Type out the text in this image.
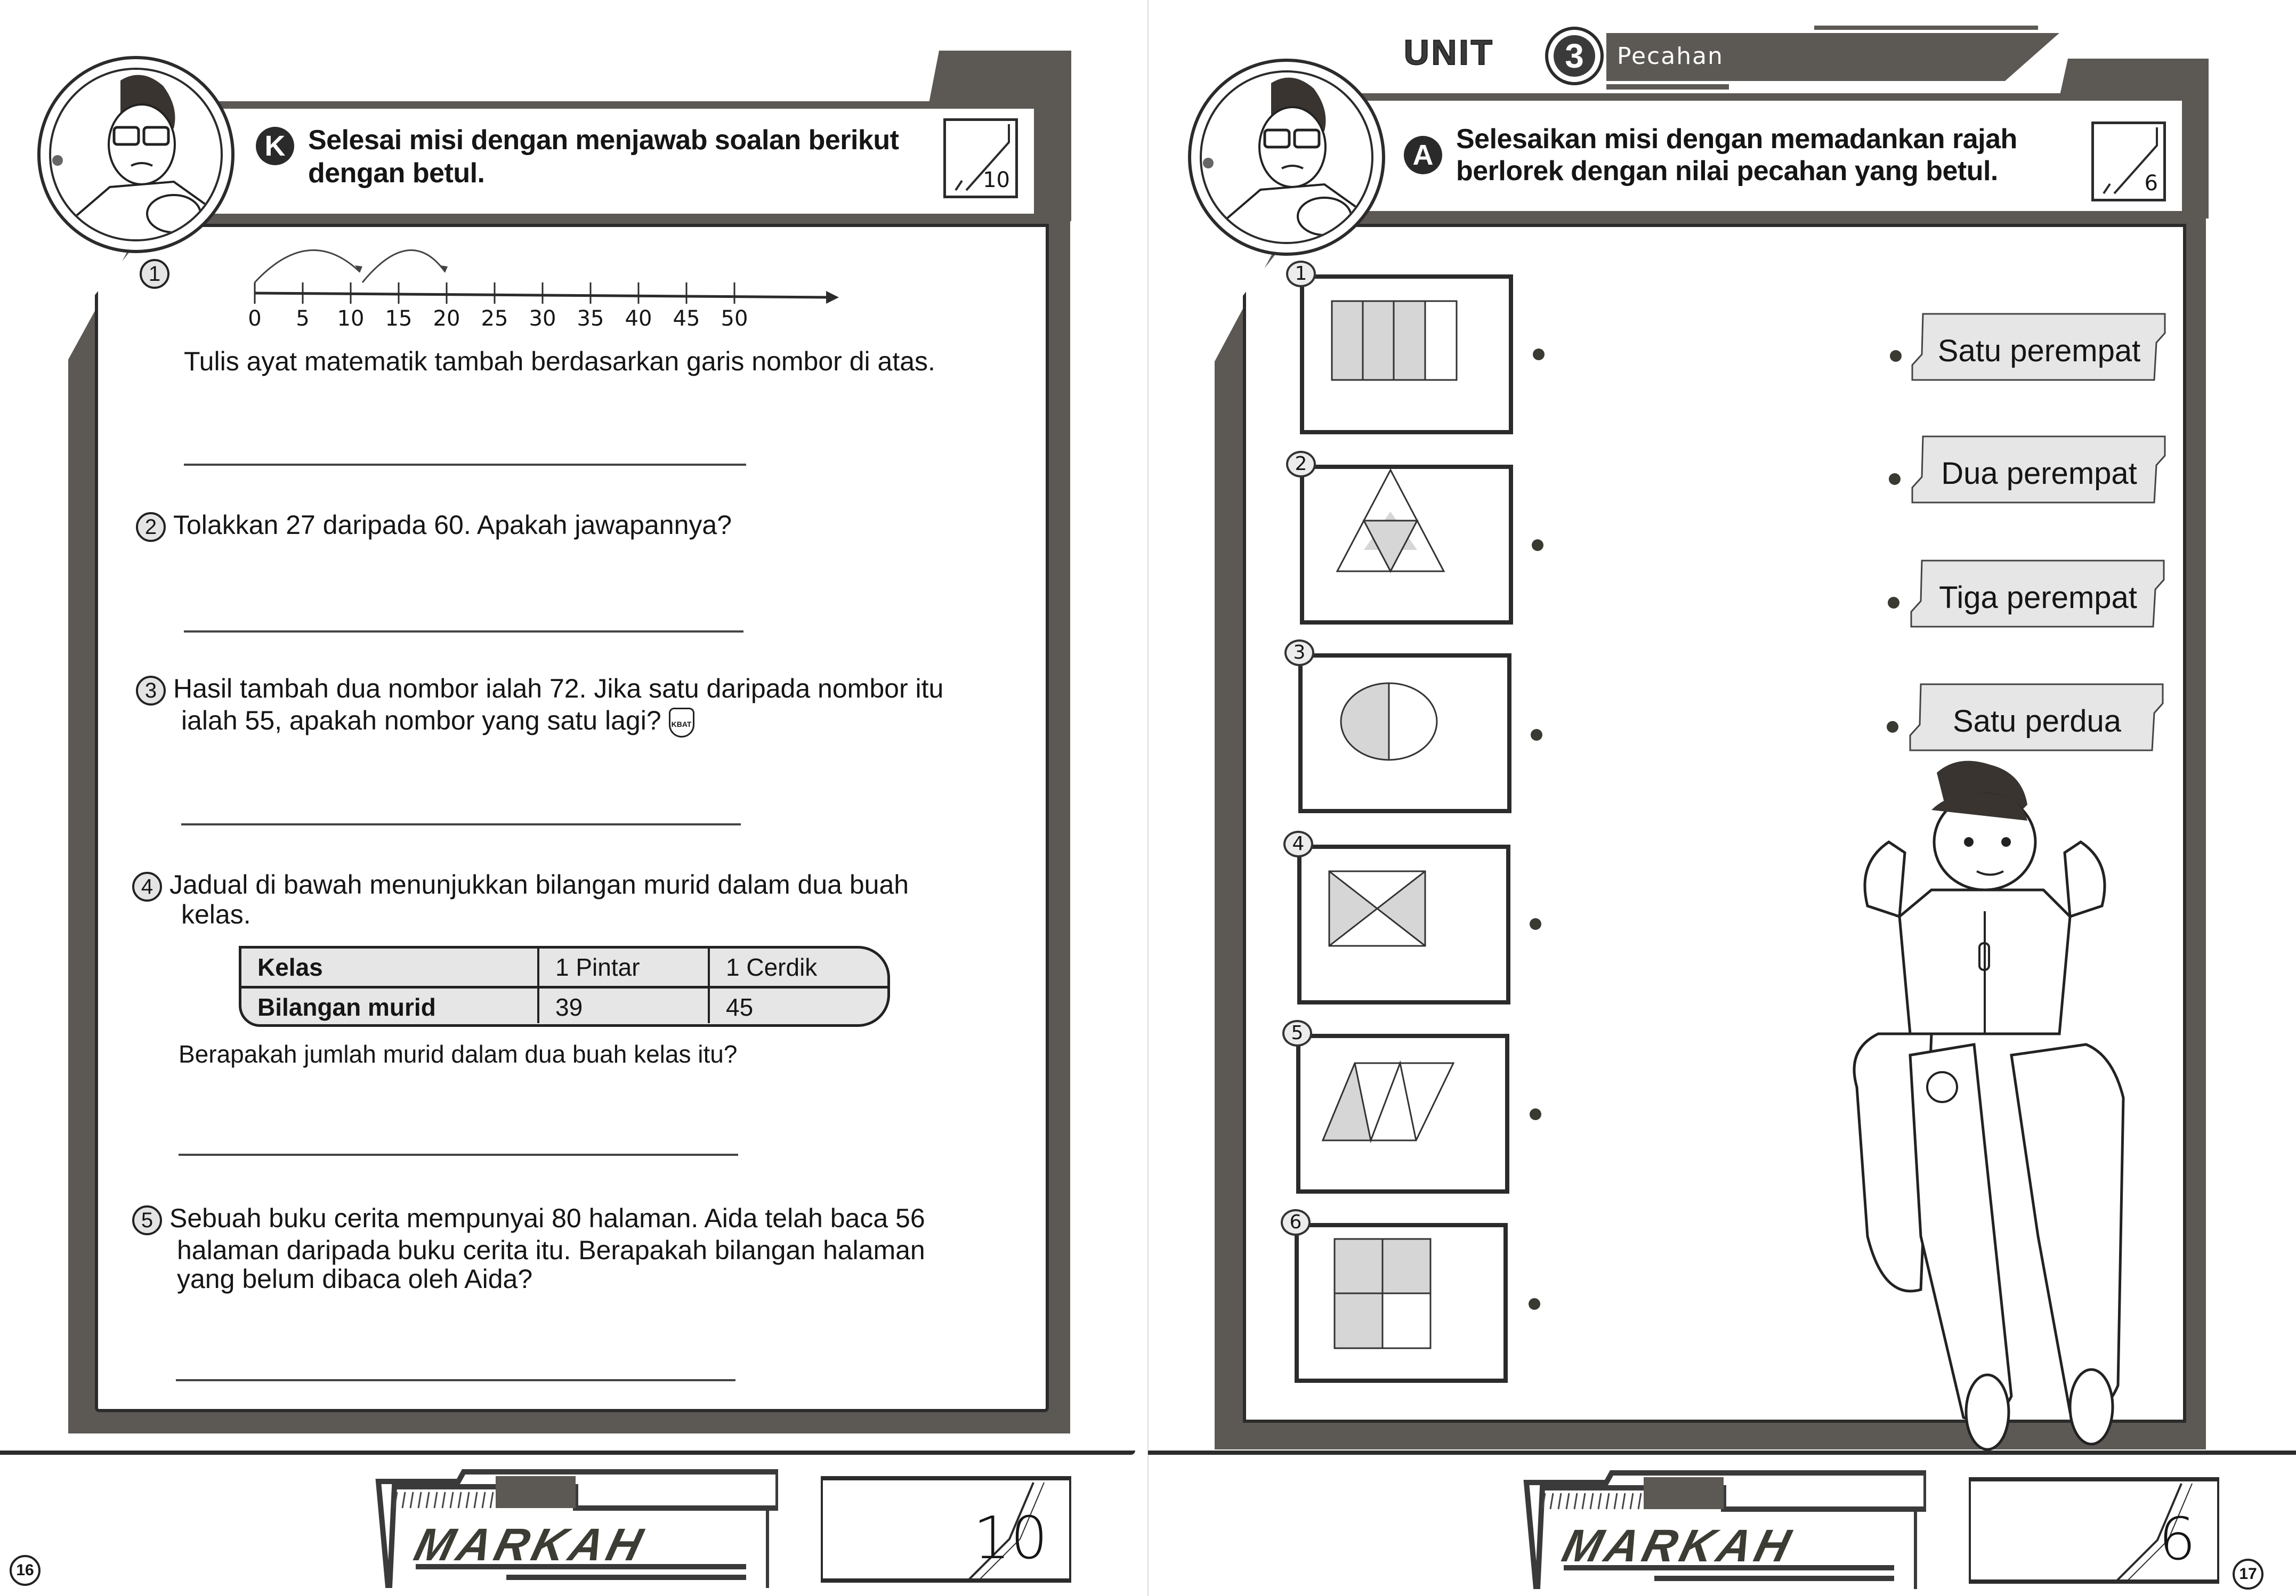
K Selesai misi dengan menjawab soalan berikut dengan betul.	10
1
0 5 10 15 20 25 30 35 40 45 50
Tulis ayat matematik tambah berdasarkan garis nombor di atas.
2 Tolakkan 27 daripada 60. Apakah jawapannya?
3 Hasil tambah dua nombor ialah 72. Jika satu daripada nombor itu
ialah 55, apakah nombor yang satu lagi? KBAT
4 Jadual di bawah menunjukkan bilangan murid dalam dua buah
kelas.
Kelas	1 Pintar	1 Cerdik
Bilangan murid	39	45
Berapakah jumlah murid dalam dua buah kelas itu?
5 Sebuah buku cerita mempunyai 80 halaman. Aida telah baca 56
halaman daripada buku cerita itu. Berapakah bilangan halaman
yang belum dibaca oleh Aida?
MARKAH	10
16
UNIT	Pecahan
3
A Selesaikan misi dengan memadankan rajah
berlorek dengan nilai pecahan yang betul.	6
1
2
3
4
5
6
Satu perempat
Dua perempat
Tiga perempat
Satu perdua
MARKAH	6
17
